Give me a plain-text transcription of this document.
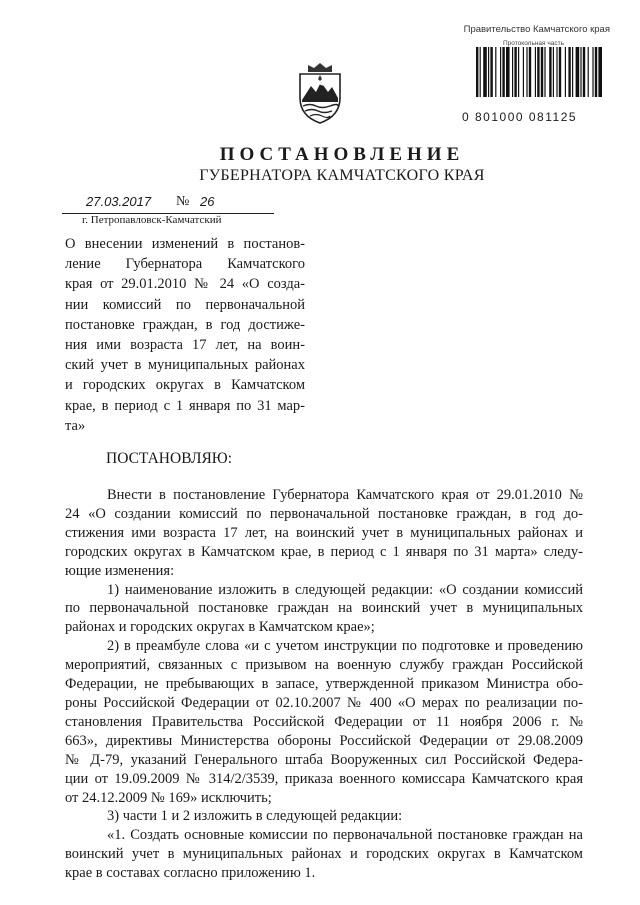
Правительство Камчатского края
Протокольная часть
0 801000 081125
ПОСТАНОВЛЕНИЕ
ГУБЕРНАТОРА КАМЧАТСКОГО КРАЯ
27.03.2017 № 26
г. Петропавловск-Камчатский
О внесении изменений в постанов-
ление Губернатора Камчатского
края от 29.01.2010 № 24 «О созда-
нии комиссий по первоначальной
постановке граждан, в год достиже-
ния ими возраста 17 лет, на воин-
ский учет в муниципальных районах
и городских округах в Камчатском
крае, в период с 1 января по 31 мар-
та»
ПОСТАНОВЛЯЮ:
Внести в постановление Губернатора Камчатского края от 29.01.2010 №
24 «О создании комиссий по первоначальной постановке граждан, в год до-
стижения ими возраста 17 лет, на воинский учет в муниципальных районах и
городских округах в Камчатском крае, в период с 1 января по 31 марта» следу-
ющие изменения:
1) наименование изложить в следующей редакции: «О создании комиссий
по первоначальной постановке граждан на воинский учет в муниципальных
районах и городских округах в Камчатском крае»;
2) в преамбуле слова «и с учетом инструкции по подготовке и проведению
мероприятий, связанных с призывом на военную службу граждан Российской
Федерации, не пребывающих в запасе, утвержденной приказом Министра обо-
роны Российской Федерации от 02.10.2007 № 400 «О мерах по реализации по-
становления Правительства Российской Федерации от 11 ноября 2006 г. №
663», директивы Министерства обороны Российской Федерации от 29.08.2009
№ Д-79, указаний Генерального штаба Вооруженных сил Российской Федера-
ции от 19.09.2009 № 314/2/3539, приказа военного комиссара Камчатского края
от 24.12.2009 № 169» исключить;
3) части 1 и 2 изложить в следующей редакции:
«1. Создать основные комиссии по первоначальной постановке граждан на
воинский учет в муниципальных районах и городских округах в Камчатском
крае в составах согласно приложению 1.
